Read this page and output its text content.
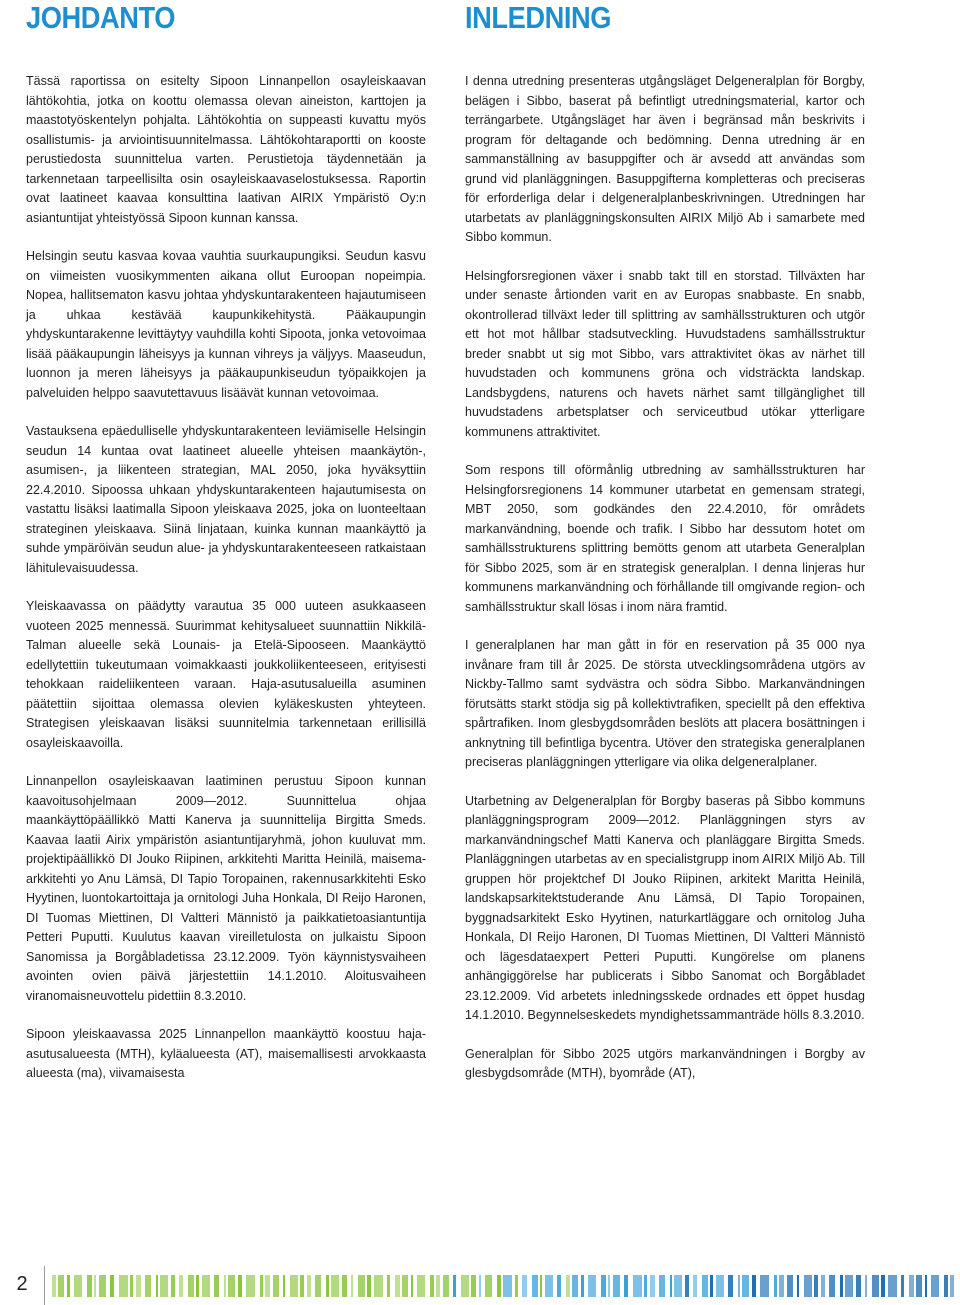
JOHDANTO	INLEDNING

Tässä raportissa on esitelty Sipoon Linnanpellon osayleiskaavan lähtökohtia, jotka on koottu olemassa olevan aineiston, karttojen ja maastotyöskentelyn pohjalta. Lähtökohtia on suppeasti kuvattu myös osallistumis- ja arviointisuunnitelmassa. Lähtökohtaraportti on kooste perustiedosta suunnittelua varten. Perustietoja täydennetään ja tarkennetaan tarpeellisilta osin osayleiskaavaselostuksessa. Raportin ovat laatineet kaavaa konsulttina laativan AIRIX Ympäristö Oy:n asiantuntijat yhteistyössä Sipoon kunnan kanssa.

Helsingin seutu kasvaa kovaa vauhtia suurkaupungiksi. Seudun kasvu on viimeisten vuosikymmenten aikana ollut Euroopan nopeimpia. Nopea, hallitsematon kasvu johtaa yhdyskuntarakenteen hajautumiseen ja uhkaa kestävää kaupunkikehitystä. Pääkaupungin yhdyskuntarakenne levittäytyy vauhdilla kohti Sipoota, jonka vetovoimaa lisää pääkaupungin läheisyys ja kunnan vihreys ja väljyys. Maaseudun, luonnon ja meren läheisyys ja pääkaupunkiseudun työpaikkojen ja palveluiden helppo saavutettavuus lisäävät kunnan vetovoimaa.

Vastauksena epäedulliselle yhdyskuntarakenteen leviämiselle Helsingin seudun 14 kuntaa ovat laatineet alueelle yhteisen maankäytön-, asumisen-, ja liikenteen strategian, MAL 2050, joka hyväksyttiin 22.4.2010. Sipoossa uhkaan yhdyskuntarakenteen hajautumisesta on vastattu lisäksi laatimalla Sipoon yleiskaava 2025, joka on luonteeltaan strateginen yleiskaava. Siinä linjataan, kuinka kunnan maankäyttö ja suhde ympäröivän seudun alue- ja yhdyskuntarakenteeseen ratkaistaan lähitulevaisuudessa.

Yleiskaavassa on päädytty varautua 35 000 uuteen asukkaaseen vuoteen 2025 mennessä. Suurimmat kehitysalueet suunnattiin Nikkilä-Talman alueelle sekä Lounais- ja Etelä-Sipooseen. Maankäyttö edellytettiin tukeutumaan voimakkaasti joukkoliikenteeseen, erityisesti tehokkaan raideliikenteen varaan. Haja-asutusalueilla asuminen päätettiin sijoittaa olemassa olevien kyläkeskusten yhteyteen. Strategisen yleiskaavan lisäksi suunnitelmia tarkennetaan erillisillä osayleiskaavoilla.

Linnanpellon osayleiskaavan laatiminen perustuu Sipoon kunnan kaavoitusohjelmaan 2009—2012. Suunnittelua ohjaa maankäyttöpäällikkö Matti Kanerva ja suunnittelija Birgitta Smeds. Kaavaa laatii Airix ympäristön asiantuntijaryhmä, johon kuuluvat mm. projektipäällikkö DI Jouko Riipinen, arkkitehti Maritta Heinilä, maisema-arkkitehti yo Anu Lämsä, DI Tapio Toropainen, rakennusarkkitehti Esko Hyytinen, luontokartoittaja ja ornitologi Juha Honkala, DI Reijo Haronen, DI Tuomas Miettinen, DI Valtteri Männistö ja paikkatietoasiantuntija Petteri Puputti. Kuulutus kaavan vireilletulosta on julkaistu Sipoon Sanomissa ja Borgåbladetissa 23.12.2009. Työn käynnistysvaiheen avointen ovien päivä järjestettiin 14.1.2010. Aloitusvaiheen viranomaisneuvottelu pidettiin 8.3.2010.

Sipoon yleiskaavassa 2025 Linnanpellon maankäyttö koostuu haja-asutusalueesta (MTH), kyläalueesta (AT), maisemallisesti arvokkaasta alueesta (ma), viivamaisesta

I denna utredning presenteras utgångsläget Delgeneralplan för Borgby, belägen i Sibbo, baserat på befintligt utredningsmaterial, kartor och terrängarbete. Utgångsläget har även i begränsad mån beskrivits i program för deltagande och bedömning. Denna utredning är en sammanställning av basuppgifter och är avsedd att användas som grund vid planläggningen. Basuppgifterna kompletteras och preciseras för erforderliga delar i delgeneralplanbeskrivningen. Utredningen har utarbetats av planläggningskonsulten AIRIX Miljö Ab i samarbete med Sibbo kommun.

Helsingforsregionen växer i snabb takt till en storstad. Tillväxten har under senaste årtionden varit en av Europas snabbaste. En snabb, okontrollerad tillväxt leder till splittring av samhällsstrukturen och utgör ett hot mot hållbar stadsutveckling. Huvudstadens samhällsstruktur breder snabbt ut sig mot Sibbo, vars attraktivitet ökas av närhet till huvudstaden och kommunens gröna och vidsträckta landskap. Landsbygdens, naturens och havets närhet samt tillgänglighet till huvudstadens arbetsplatser och serviceutbud utökar ytterligare kommunens attraktivitet.

Som respons till oförmånlig utbredning av samhällsstrukturen har Helsingforsregionens 14 kommuner utarbetat en gemensam strategi, MBT 2050, som godkändes den 22.4.2010, för områdets markanvändning, boende och trafik. I Sibbo har dessutom hotet om samhällsstrukturens splittring bemötts genom att utarbeta Generalplan för Sibbo 2025, som är en strategisk generalplan. I denna linjeras hur kommunens markanvändning och förhållande till omgivande region- och samhällsstruktur skall lösas i inom nära framtid.

I generalplanen har man gått in för en reservation på 35 000 nya invånare fram till år 2025. De största utvecklingsområdena utgörs av Nickby-Tallmo samt sydvästra och södra Sibbo. Markanvändningen förutsätts starkt stödja sig på kollektivtrafiken, speciellt på den effektiva spårtrafiken. Inom glesbygdsområden beslöts att placera bosättningen i anknytning till befintliga bycentra. Utöver den strategiska generalplanen preciseras planläggningen ytterligare via olika delgeneralplaner.

Utarbetning av Delgeneralplan för Borgby baseras på Sibbo kommuns planläggningsprogram 2009—2012. Planläggningen styrs av markanvändningschef Matti Kanerva och planläggare Birgitta Smeds. Planläggningen utarbetas av en specialistgrupp inom AIRIX Miljö Ab. Till gruppen hör projektchef DI Jouko Riipinen, arkitekt Maritta Heinilä, landskapsarkitektstuderande Anu Lämsä, DI Tapio Toropainen, byggnadsarkitekt Esko Hyytinen, naturkartläggare och ornitolog Juha Honkala, DI Reijo Haronen, DI Tuomas Miettinen, DI Valtteri Männistö och lägesdataexpert Petteri Puputti. Kungörelse om planens anhängiggörelse har publicerats i Sibbo Sanomat och Borgåbladet 23.12.2009. Vid arbetets inledningsskede ordnades ett öppet husdag 14.1.2010. Begynnelseskedets myndighetssammanträde hölls 8.3.2010.

Generalplan för Sibbo 2025 utgörs markanvändningen i Borgby av glesbygdsområde (MTH), byområde (AT),

2
